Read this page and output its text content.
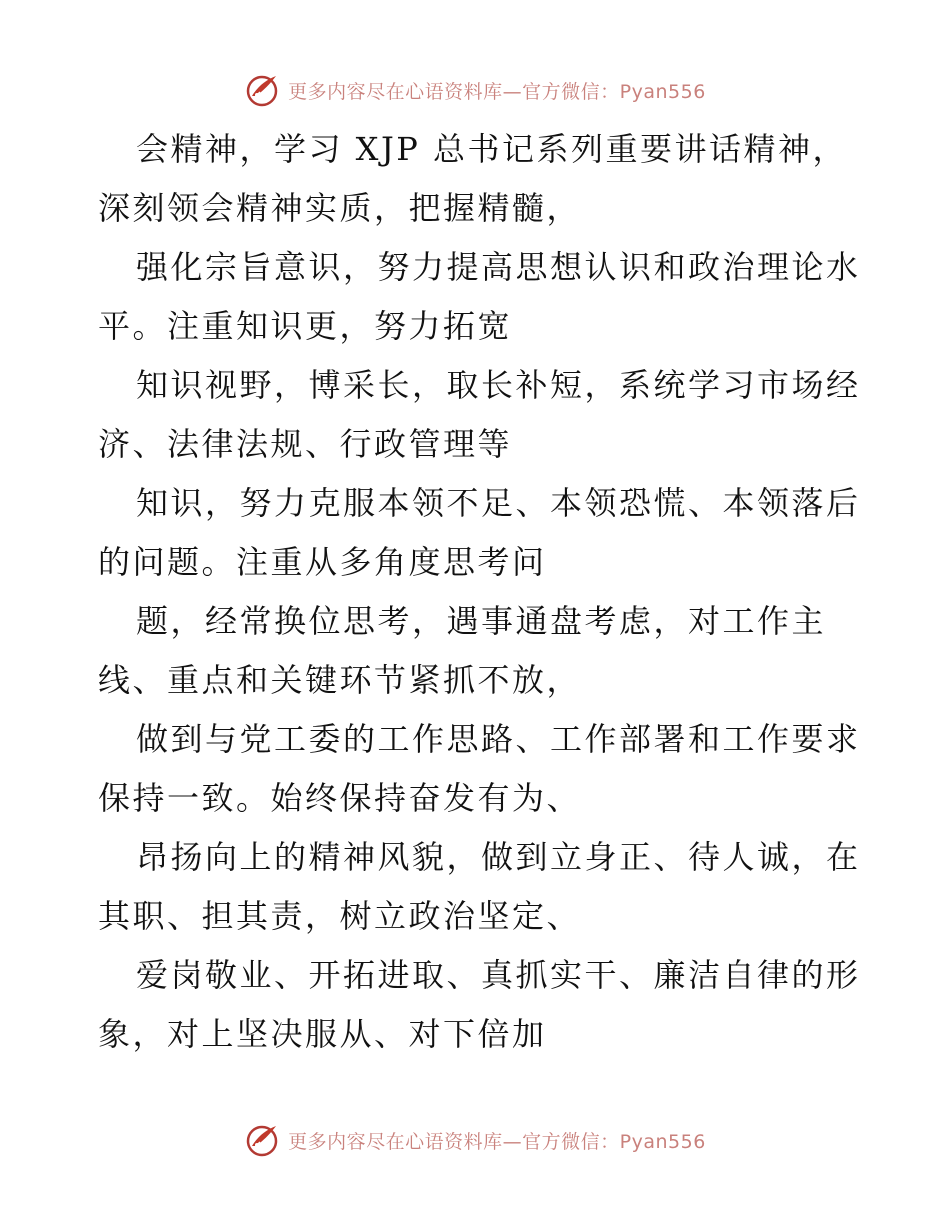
更多内容尽在心语资料库—官方微信：Pyan556
会精神，学习 XJP 总书记系列重要讲话精神，
深刻领会精神实质，把握精髓，
强化宗旨意识，努力提高思想认识和政治理论水
平。注重知识更，努力拓宽
知识视野，博采长，取长补短，系统学习市场经
济、法律法规、行政管理等
知识，努力克服本领不足、本领恐慌、本领落后
的问题。注重从多角度思考问
题，经常换位思考，遇事通盘考虑，对工作主
线、重点和关键环节紧抓不放，
做到与党工委的工作思路、工作部署和工作要求
保持一致。始终保持奋发有为、
昂扬向上的精神风貌，做到立身正、待人诚，在
其职、担其责，树立政治坚定、
爱岗敬业、开拓进取、真抓实干、廉洁自律的形
象，对上坚决服从、对下倍加
更多内容尽在心语资料库—官方微信：Pyan556
